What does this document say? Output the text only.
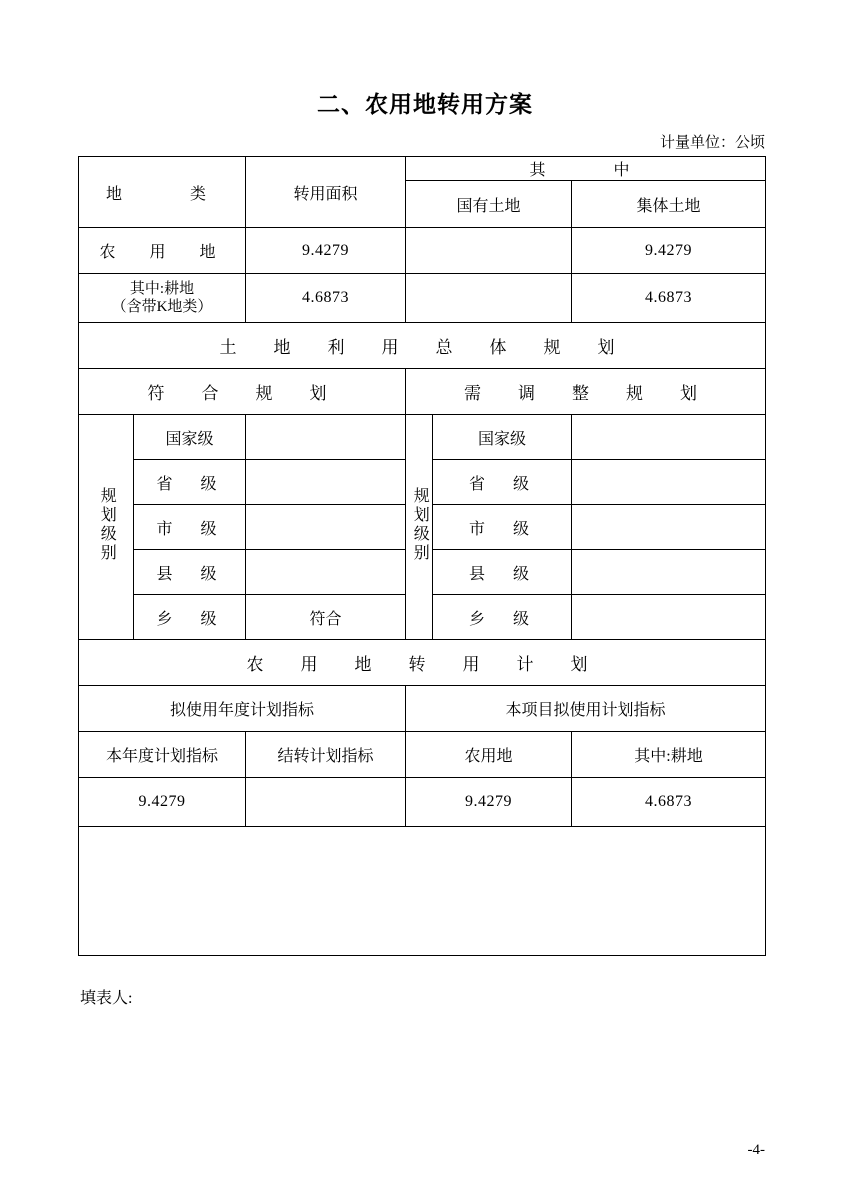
二、农用地转用方案
计量单位：公顷
地　　类		转用面积	其　　中		
			国有土地		集体土地
农　用　地		9.4279			9.4279

其中:耕地
（含带K地类）		4.6873			4.6873
土　地　利　用　总　体　规　划					
符　合　规　划			需　调　整　规　划		
规划级别	国家级		规划级别	国家级	
	省　级			省　级	
	市　级			市　级	
	县　级			县　级	
	乡　级	符合		乡　级	
农　用　地　转　用　计　划					
拟使用年度计划指标			本项目拟使用计划指标		
本年度计划指标		结转计划指标	农用地		其中:耕地
9.4279			9.4279		4.6873

填表人:
-4-
